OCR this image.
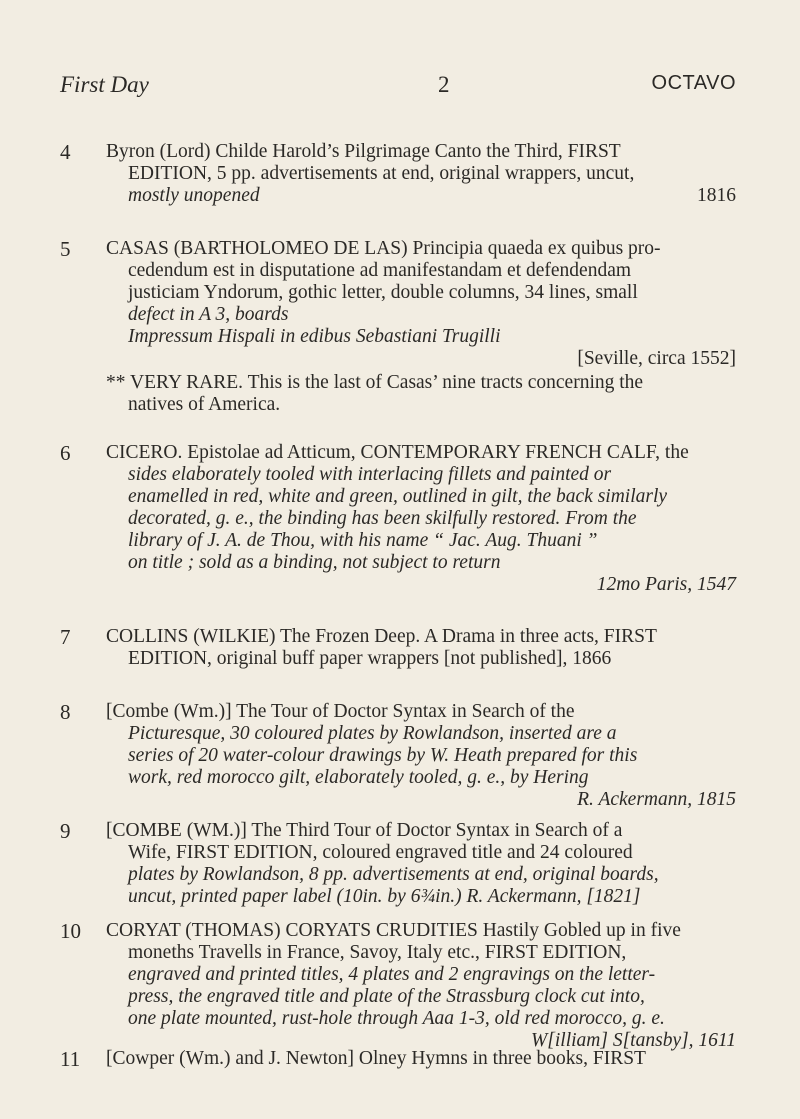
First Day	2	OCTAVO
4	Byron (Lord) Childe Harold’s Pilgrimage Canto the Third, FIRST
EDITION, 5 pp. advertisements at end, original wrappers, uncut,
mostly unopened	1816
5	CASAS (BARTHOLOMEO DE LAS) Principia quaeda ex quibus pro-
cedendum est in disputatione ad manifestandam et defendendam
justiciam Yndorum, gothic letter, double columns, 34 lines, small
defect in A 3, boards
Impressum Hispali in edibus Sebastiani Trugilli
[Seville, circa 1552]
** VERY RARE. This is the last of Casas’ nine tracts concerning the
natives of America.
6	CICERO. Epistolae ad Atticum, CONTEMPORARY FRENCH CALF, the
sides elaborately tooled with interlacing fillets and painted or
enamelled in red, white and green, outlined in gilt, the back similarly
decorated, g. e., the binding has been skilfully restored. From the
library of J. A. de Thou, with his name “ Jac. Aug. Thuani ”
on title ; sold as a binding, not subject to return
12mo Paris, 1547
7	COLLINS (WILKIE) The Frozen Deep. A Drama in three acts, FIRST
EDITION, original buff paper wrappers [not published], 1866
8	[Combe (Wm.)] The Tour of Doctor Syntax in Search of the
Picturesque, 30 coloured plates by Rowlandson, inserted are a
series of 20 water-colour drawings by W. Heath prepared for this
work, red morocco gilt, elaborately tooled, g. e., by Hering
R. Ackermann, 1815
9	[COMBE (WM.)] The Third Tour of Doctor Syntax in Search of a
Wife, FIRST EDITION, coloured engraved title and 24 coloured
plates by Rowlandson, 8 pp. advertisements at end, original boards,
uncut, printed paper label (10in. by 6¾in.) R. Ackermann, [1821]
10	CORYAT (THOMAS) CORYATS CRUDITIES Hastily Gobled up in five
moneths Travells in France, Savoy, Italy etc., FIRST EDITION,
engraved and printed titles, 4 plates and 2 engravings on the letter-
press, the engraved title and plate of the Strassburg clock cut into,
one plate mounted, rust-hole through Aaa 1-3, old red morocco, g. e.
W[illiam] S[tansby], 1611
11	[Cowper (Wm.) and J. Newton] Olney Hymns in three books, FIRST
